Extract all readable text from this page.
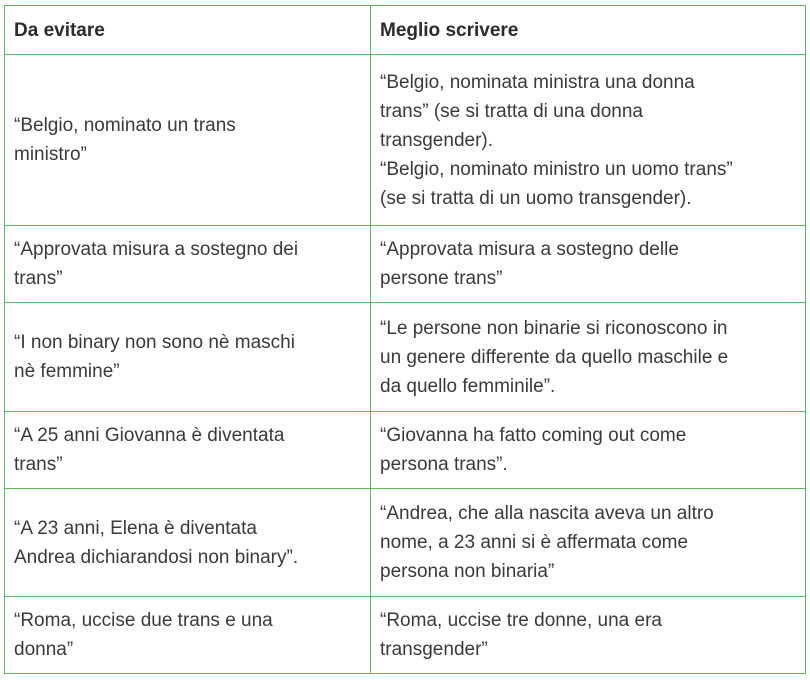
Da evitare	Meglio scrivere

“Belgio, nominato un trans
ministro”	“Belgio, nominata ministra una donna
trans” (se si tratta di una donna
transgender).
“Belgio, nominato ministro un uomo trans”
(se si tratta di un uomo transgender).

“Approvata misura a sostegno dei
trans”	“Approvata misura a sostegno delle
persone trans”

“I non binary non sono nè maschi
nè femmine”	“Le persone non binarie si riconoscono in
un genere differente da quello maschile e
da quello femminile”.

“A 25 anni Giovanna è diventata
trans”	“Giovanna ha fatto coming out come
persona trans”.

“A 23 anni, Elena è diventata
Andrea dichiarandosi non binary”.	“Andrea, che alla nascita aveva un altro
nome, a 23 anni si è affermata come
persona non binaria”

“Roma, uccise due trans e una
donna”	“Roma, uccise tre donne, una era
transgender”
